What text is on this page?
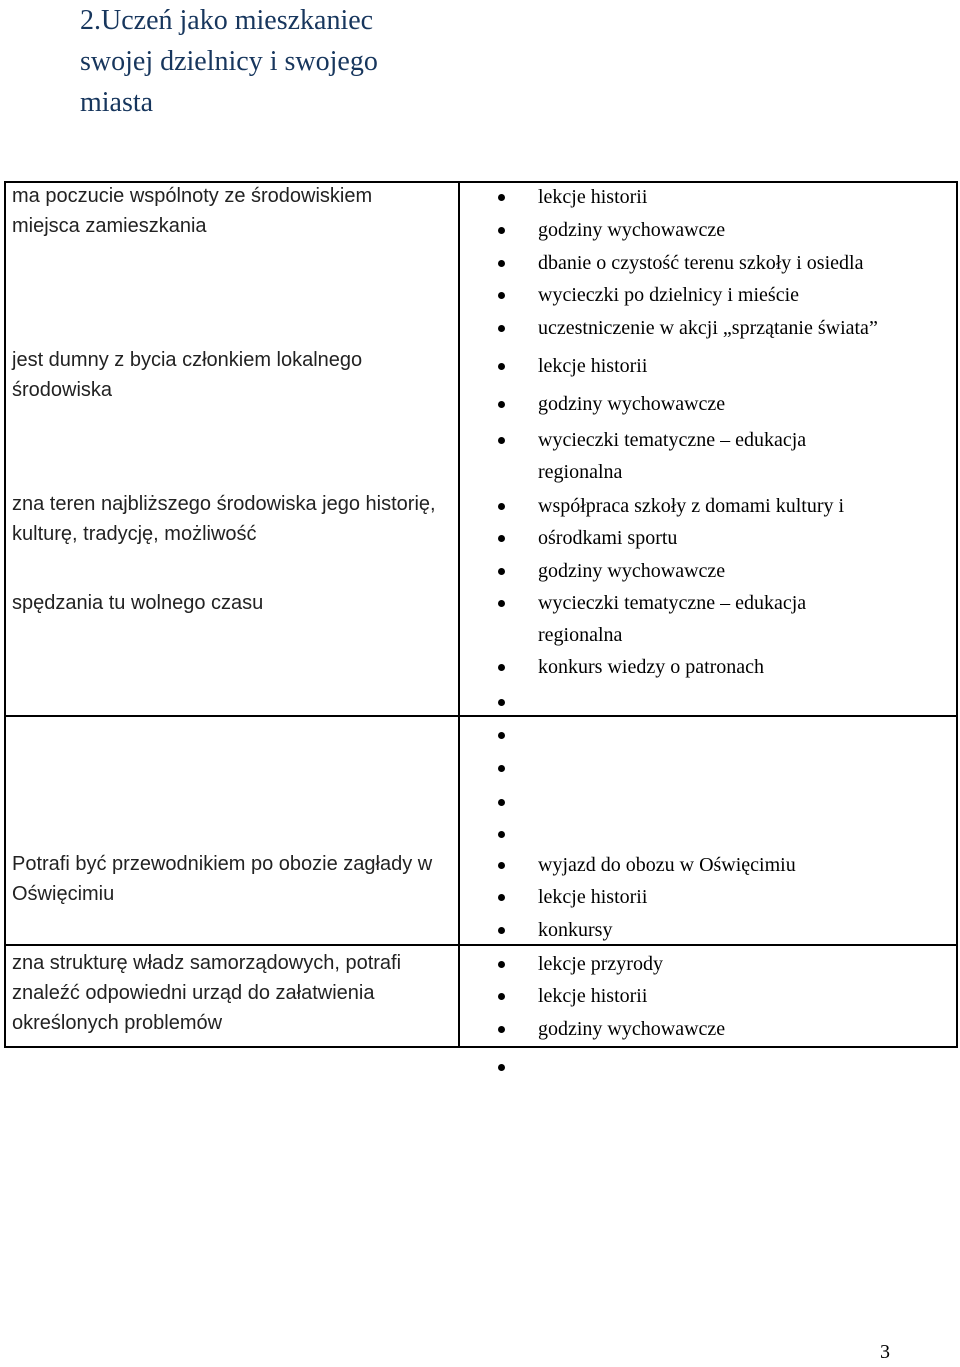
2.Uczeń jako mieszkaniec
swojej dzielnicy i swojego
miasta
ma poczucie wspólnoty ze środowiskiem
miejsca zamieszkania
jest dumny z bycia członkiem lokalnego
środowiska
zna teren najbliższego środowiska jego historię,
kulturę, tradycję, możliwość
spędzania tu wolnego czasu
Potrafi być przewodnikiem po obozie zagłady w
Oświęcimiu
zna strukturę władz samorządowych, potrafi
znaleźć odpowiedni urząd do załatwienia
określonych problemów
lekcje historii
godziny wychowawcze
dbanie o czystość terenu szkoły i osiedla
wycieczki po dzielnicy i mieście
uczestniczenie w akcji „sprzątanie świata”
lekcje historii
godziny wychowawcze
wycieczki tematyczne – edukacja
regionalna
współpraca szkoły z domami kultury i
ośrodkami sportu
godziny wychowawcze
wycieczki tematyczne – edukacja
regionalna
konkurs wiedzy o patronach
wyjazd do obozu w Oświęcimiu
lekcje historii
konkursy
lekcje przyrody
lekcje historii
godziny wychowawcze
3
